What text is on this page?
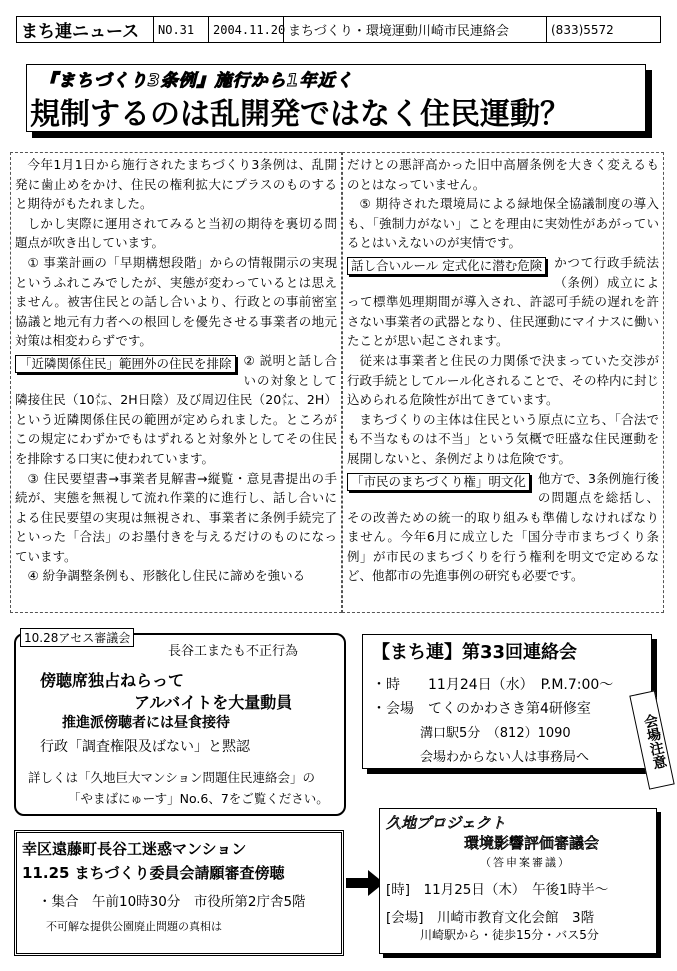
まち連ニュース	NO.31	2004.11.20 まちづくり・環境運動川崎市民連絡会	(833)5572
『まちづくり3条例』施行から1年近く
規制するのは乱開発ではなく住民運動？

今年1月1日から施行されたまちづくり3条例は、乱開発に歯止めをかけ、住民の権利拡大にプラスのものすると期待がもたれました。

しかし実際に運用されてみると当初の期待を裏切る問題点が吹き出しています。

① 事業計画の「早期構想段階」からの情報開示の実現というふれこみでしたが、実態が変わっているとは思えません。被害住民との話し合いより、行政との事前密室協議と地元有力者への根回しを優先させる事業者の地元対策は相変わらずです。

「近隣関係住民」範囲外の住民を排除 ② 説明と話し合いの対象として隣接住民（10㍍、2H日陰）及び周辺住民（20㍍、2H）という近隣関係住民の範囲が定められました。ところがこの規定にわずかでもはずれると対象外としてその住民を排除する口実に使われています。

③ 住民要望書→事業者見解書→縦覧・意見書提出の手続が、実態を無視して流れ作業的に進行し、話し合いによる住民要望の実現は無視され、事業者に条例手続完了といった「合法」のお墨付きを与えるだけのものになっています。

④ 紛争調整条例も、形骸化し住民に諦めを強いる

だけとの悪評高かった旧中高層条例を大きく変えるものとはなっていません。

⑤ 期待された環境局による緑地保全協議制度の導入も、「強制力がない」ことを理由に実効性があがっているとはいえないのが実情です。

話し合いルール 定式化に潜む危険 かつて行政手続法（条例）成立によって標準処理期間が導入され、許認可手続の遅れを許さない事業者の武器となり、住民運動にマイナスに働いたことが思い起こされます。

従来は事業者と住民の力関係で決まっていた交渉が行政手続としてルール化されることで、その枠内に封じ込められる危険性が出てきています。

まちづくりの主体は住民という原点に立ち、「合法でも不当なものは不当」という気概で旺盛な住民運動を展開しないと、条例だよりは危険です。

「市民のまちづくり権」明文化 他方で、3条例施行後の問題点を総括し、その改善ための統一的取り組みも準備しなければなりません。今年6月に成立した「国分寺市まちづくり条例」が市民のまちづくりを行う権利を明文で定めるなど、他都市の先進事例の研究も必要です。

10.28アセス審議会
長谷工またも不正行為
傍聴席独占ねらって
アルバイトを大量動員
推進派傍聴者には昼食接待
行政「調査権限及ばない」と黙認
詳しくは「久地巨大マンション問題住民連絡会」の
「やまばにゅーす」No.6、7をご覧ください。
【まち連】第33回連絡会
・時　　11月24日（水）　P.M.7:00～
・会場　てくのかわさき第4研修室
溝口駅5分　（812）1090
会場わからない人は事務局へ	会場注意
幸区遠藤町長谷工迷惑マンション
11.25 まちづくり委員会請願審査傍聴
・集合　午前10時30分　市役所第2庁舎5階
不可解な提供公園廃止問題の真相は
久地プロジェクト
環境影響評価審議会
（答申案審議）
[時]　11月25日（木）　午後1時半～
[会場]　川崎市教育文化会館　3階
川崎駅から・徒歩15分・バス5分
